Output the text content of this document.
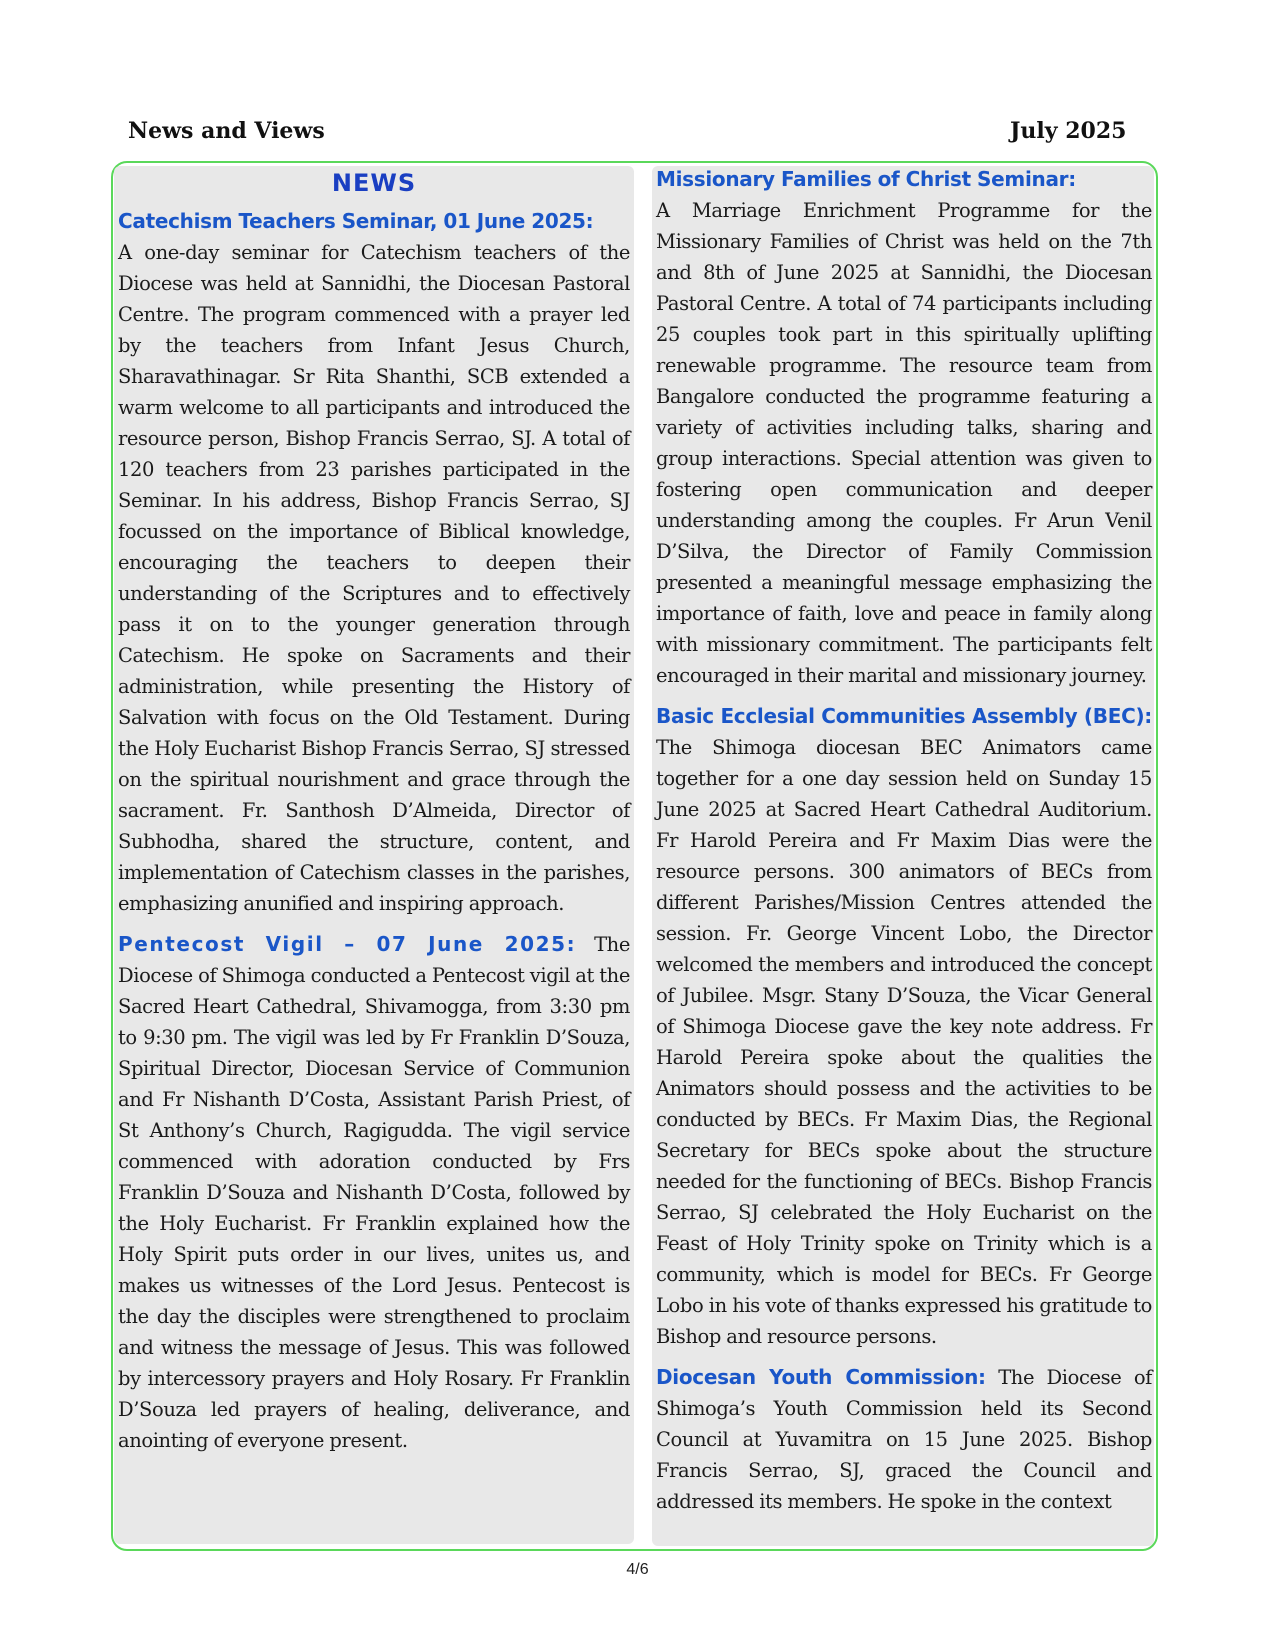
News and Views	July 2025
NEWS
Catechism Teachers Seminar, 01 June 2025:
A one-day seminar for Catechism teachers of the Diocese was held at Sannidhi, the Diocesan Pastoral Centre. The program commenced with a prayer led by the teachers from Infant Jesus Church, Sharavathinagar. Sr Rita Shanthi, SCB extended a warm welcome to all participants and introduced the resource person, Bishop Francis Serrao, SJ. A total of 120 teachers from 23 parishes participated in the Seminar. In his address, Bishop Francis Serrao, SJ focussed on the importance of Biblical knowledge, encouraging the teachers to deepen their understanding of the Scriptures and to effectively pass it on to the younger generation through Catechism. He spoke on Sacraments and their administration, while presenting the History of Salvation with focus on the Old Testament. During the Holy Eucharist Bishop Francis Serrao, SJ stressed on the spiritual nourishment and grace through the sacrament. Fr. Santhosh D’Almeida, Director of Subhodha, shared the structure, content, and implementation of Catechism classes in the parishes, emphasizing anunified and inspiring approach.
Pentecost Vigil – 07 June 2025: The Diocese of Shimoga conducted a Pentecost vigil at the Sacred Heart Cathedral, Shivamogga, from 3:30 pm to 9:30 pm. The vigil was led by Fr Franklin D’Souza, Spiritual Director, Diocesan Service of Communion and Fr Nishanth D’Costa, Assistant Parish Priest, of St Anthony’s Church, Ragigudda. The vigil service commenced with adoration conducted by Frs Franklin D’Souza and Nishanth D’Costa, followed by the Holy Eucharist. Fr Franklin explained how the Holy Spirit puts order in our lives, unites us, and makes us witnesses of the Lord Jesus. Pentecost is the day the disciples were strengthened to proclaim and witness the message of Jesus. This was followed by intercessory prayers and Holy Rosary. Fr Franklin D’Souza led prayers of healing, deliverance, and anointing of everyone present.
Missionary Families of Christ Seminar:
A Marriage Enrichment Programme for the Missionary Families of Christ was held on the 7th and 8th of June 2025 at Sannidhi, the Diocesan Pastoral Centre. A total of 74 participants including 25 couples took part in this spiritually uplifting renewable programme. The resource team from Bangalore conducted the programme featuring a variety of activities including talks, sharing and group interactions. Special attention was given to fostering open communication and deeper understanding among the couples. Fr Arun Venil D’Silva, the Director of Family Commission presented a meaningful message emphasizing the importance of faith, love and peace in family along with missionary commitment. The participants felt encouraged in their marital and missionary journey.
Basic Ecclesial Communities Assembly (BEC): The Shimoga diocesan BEC Animators came together for a one day session held on Sunday 15 June 2025 at Sacred Heart Cathedral Auditorium. Fr Harold Pereira and Fr Maxim Dias were the resource persons. 300 animators of BECs from different Parishes/Mission Centres attended the session. Fr. George Vincent Lobo, the Director welcomed the members and introduced the concept of Jubilee. Msgr. Stany D’Souza, the Vicar General of Shimoga Diocese gave the key note address. Fr Harold Pereira spoke about the qualities the Animators should possess and the activities to be conducted by BECs. Fr Maxim Dias, the Regional Secretary for BECs spoke about the structure needed for the functioning of BECs. Bishop Francis Serrao, SJ celebrated the Holy Eucharist on the Feast of Holy Trinity spoke on Trinity which is a community, which is model for BECs. Fr George Lobo in his vote of thanks expressed his gratitude to Bishop and resource persons.
Diocesan Youth Commission: The Diocese of Shimoga’s Youth Commission held its Second Council at Yuvamitra on 15 June 2025. Bishop Francis Serrao, SJ, graced the Council and addressed its members. He spoke in the context
4/6
